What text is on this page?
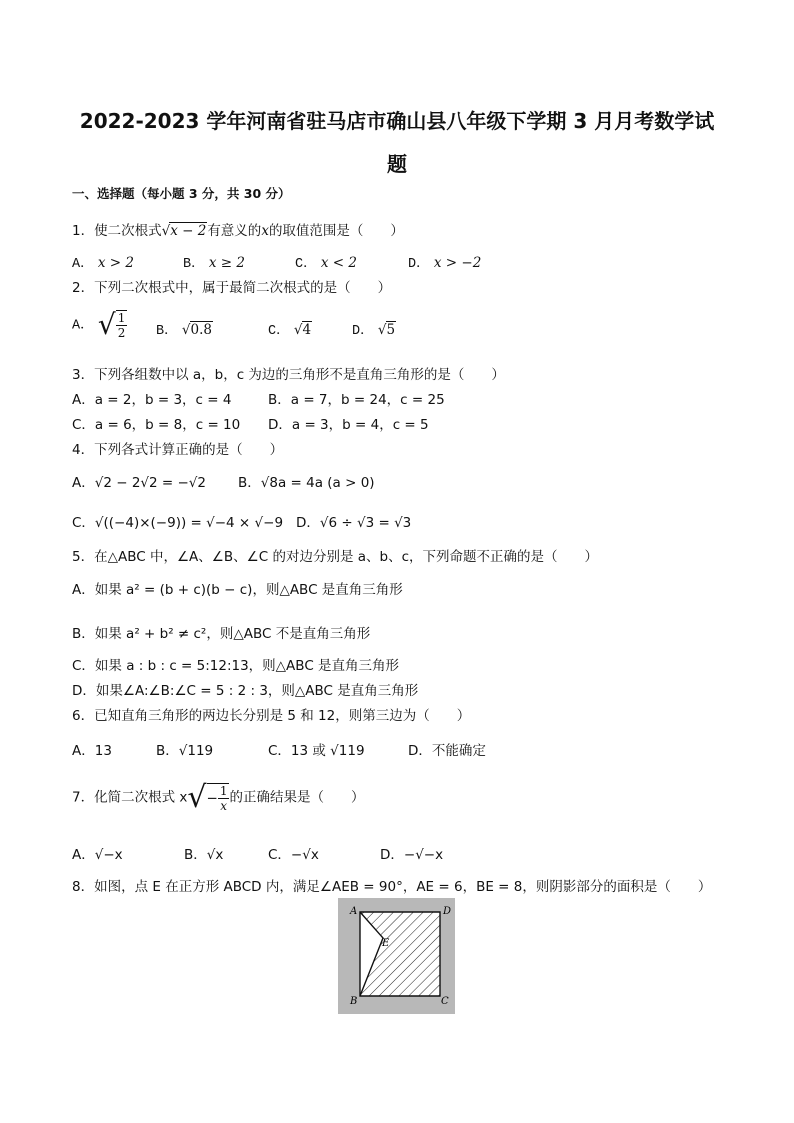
2022-2023 学年河南省驻马店市确山县八年级下学期 3 月月考数学试
题
一、选择题（每小题 3 分，共 30 分）
1．使二次根式√x − 2有意义的x的取值范围是（　　）
A． x > 2	B． x ≥ 2	C． x < 2	D． x > −2
2．下列二次根式中，属于最简二次根式的是（　　）
A． √ $\frac{1}{2}$ B． √0.8	C． √4	D． √5
3．下列各组数中以 a，b，c 为边的三角形不是直角三角形的是（　　）
A．a = 2，b = 3，c = 4	B．a = 7，b = 24，c = 25
C．a = 6，b = 8，c = 10 D．a = 3，b = 4，c = 5
4．下列各式计算正确的是（　　）
A．√2 − 2√2 = −√2 B．√8a = 4a (a > 0)
C．√((−4)×(−9)) = √−4 × √−9 D．√6 ÷ √3 = √3
5．在△ABC 中，∠A、∠B、∠C 的对边分别是 a、b、c，下列命题不正确的是（　　）
A．如果 a² = (b + c)(b − c)，则△ABC 是直角三角形
B．如果 a² + b² ≠ c²，则△ABC 不是直角三角形
C．如果 a : b : c = 5:12:13，则△ABC 是直角三角形
D．如果∠A:∠B:∠C = 5 : 2 : 3，则△ABC 是直角三角形
6．已知直角三角形的两边长分别是 5 和 12，则第三边为（　　）
A．13	B．√119	C．13 或 √119	D．不能确定
7．化简二次根式 $x√- \frac{1}{x}$ 的正确结果是（　　）
A．√−x	B．√x	C．−√x	D．−√−x
8．如图，点 E 在正方形 ABCD 内，满足∠AEB = 90°，AE = 6，BE = 8，则阴影部分的面积是（　　）
A	D
E
B	C
